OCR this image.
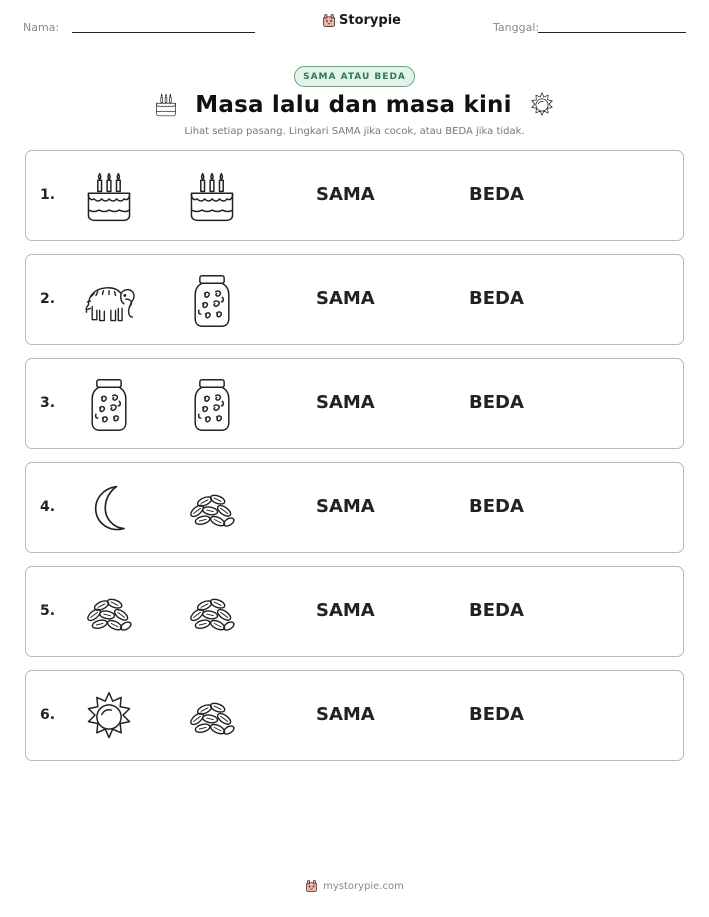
Nama:	Storypie	Tanggal:
SAMA ATAU BEDA
Masa lalu dan masa kini
Lihat setiap pasang. Lingkari SAMA jika cocok, atau BEDA jika tidak.
1.	SAMA	BEDA
2.	SAMA	BEDA
3.	SAMA	BEDA
4.	SAMA	BEDA
5.	SAMA	BEDA
6.	SAMA	BEDA
mystorypie.com
